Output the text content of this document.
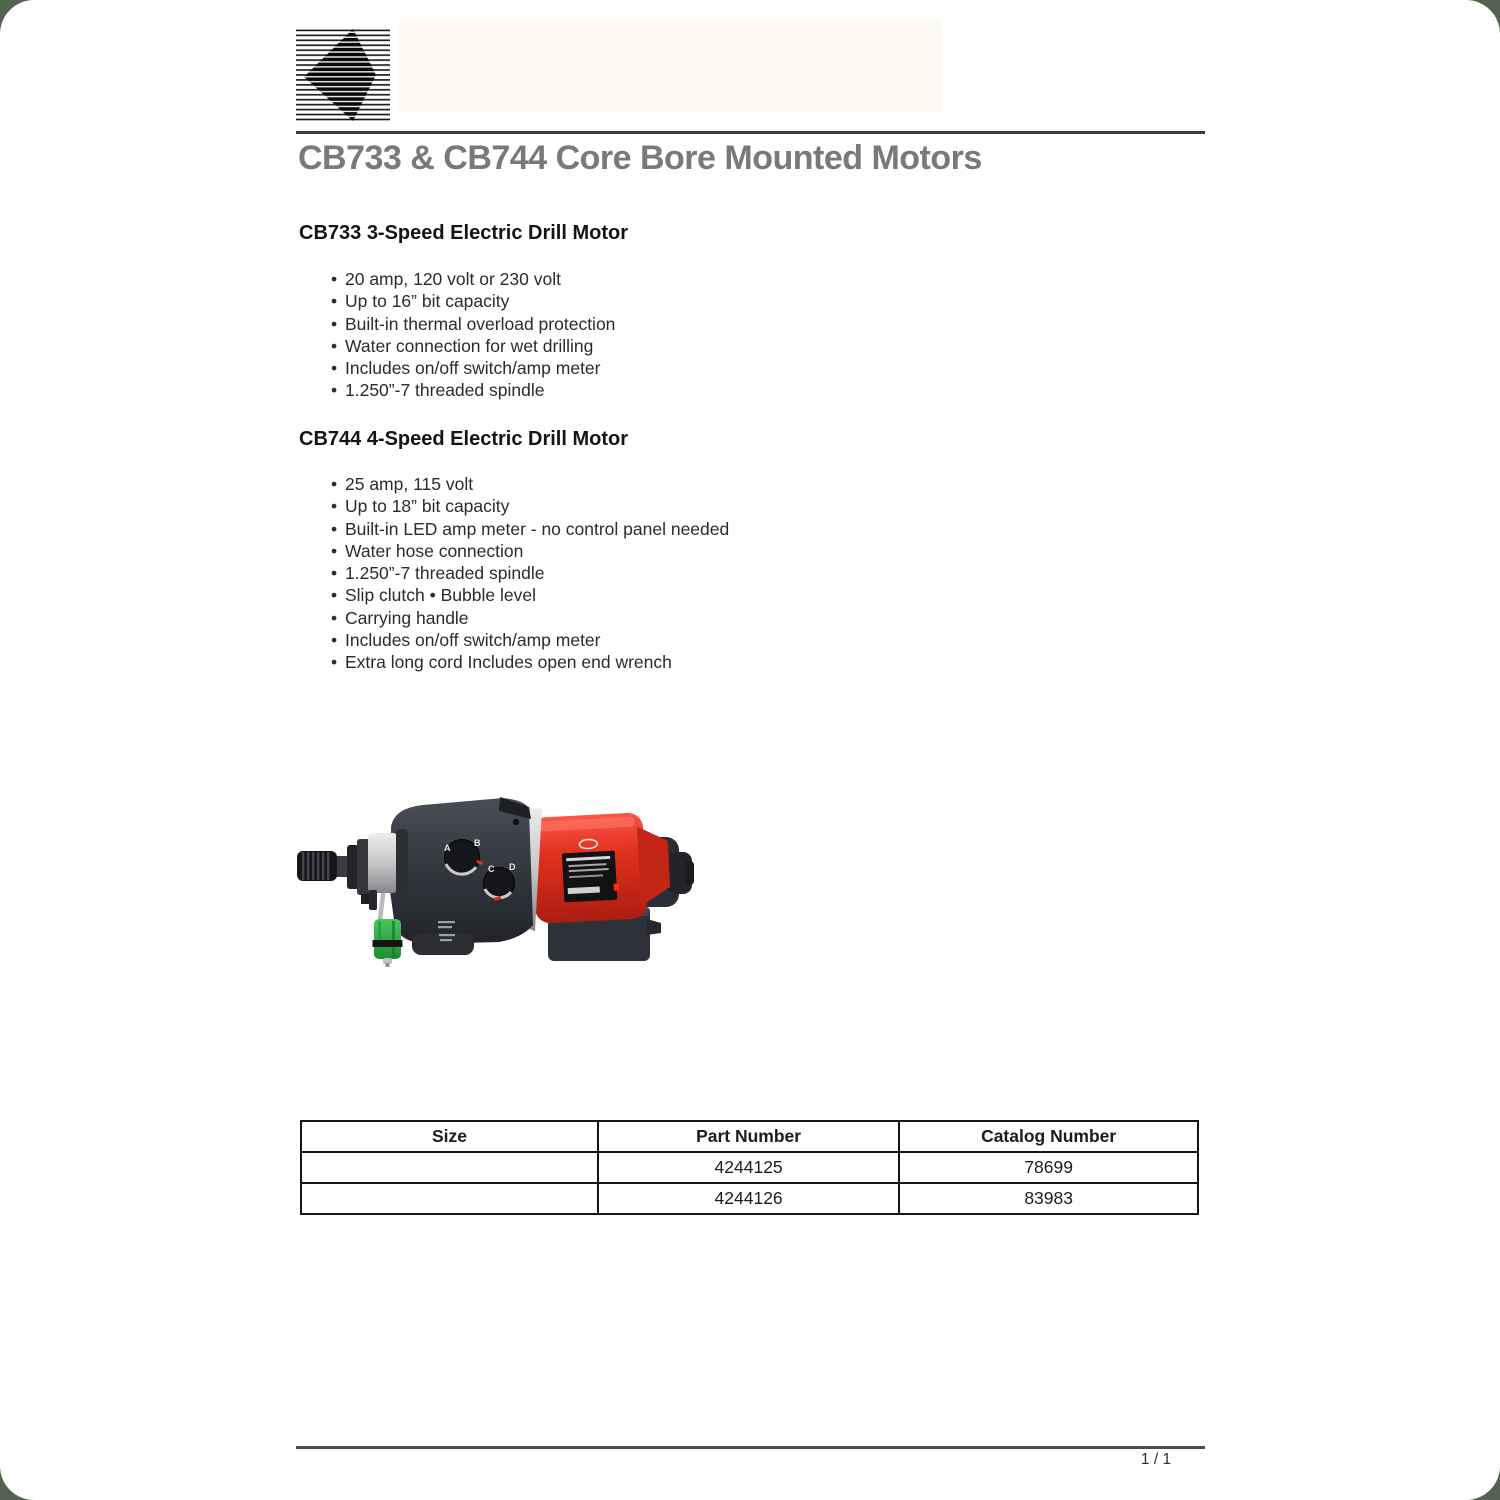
CB733 & CB744 Core Bore Mounted Motors
CB733 3-Speed Electric Drill Motor
• 20 amp, 120 volt or 230 volt
• Up to 16” bit capacity
• Built-in thermal overload protection
• Water connection for wet drilling
• Includes on/off switch/amp meter
• 1.250”-7 threaded spindle
CB744 4-Speed Electric Drill Motor
• 25 amp, 115 volt
• Up to 18” bit capacity
• Built-in LED amp meter - no control panel needed
• Water hose connection
• 1.250”-7 threaded spindle
• Slip clutch • Bubble level
• Carrying handle
• Includes on/off switch/amp meter
• Extra long cord Includes open end wrench
A	B
C D
Size	Part Number	Catalog Number
	4244125	78699
	4244126	83983
1 / 1
